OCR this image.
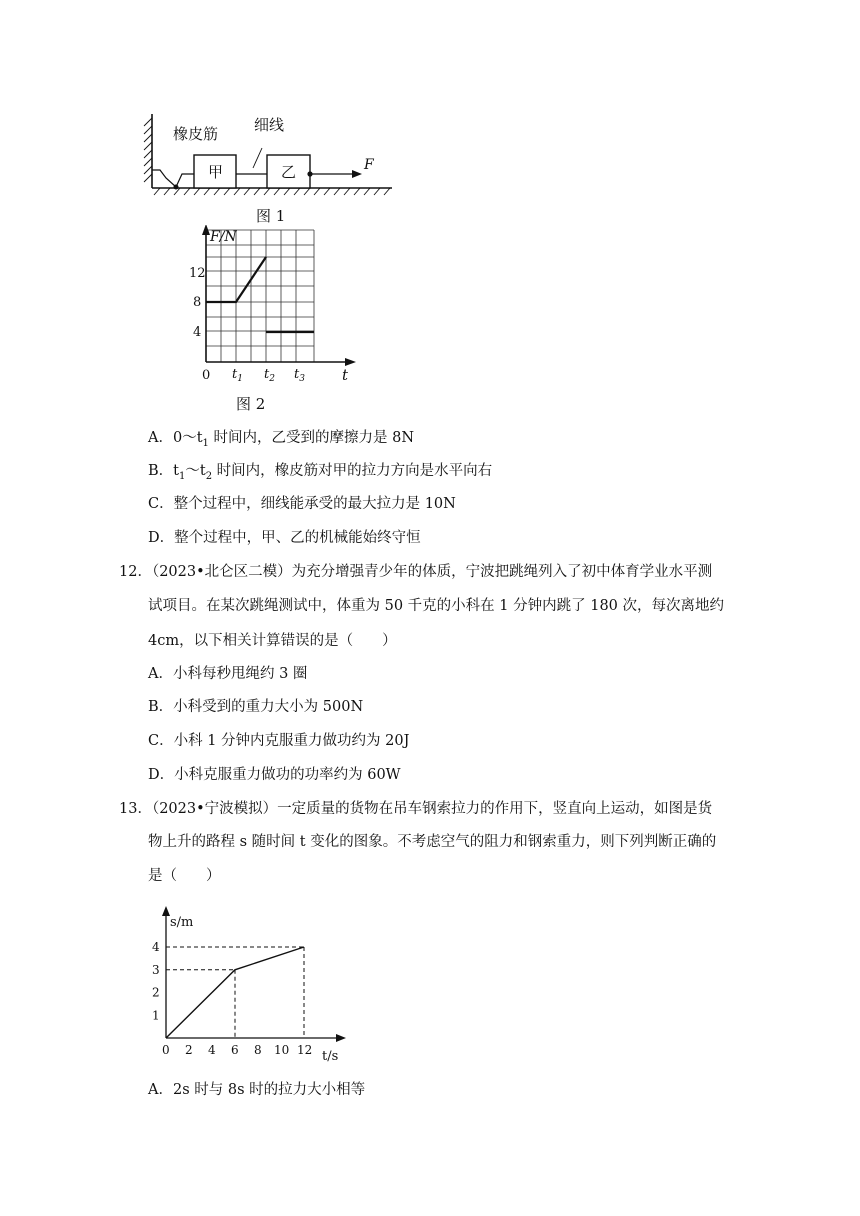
橡皮筋 细线
甲	乙	F
图 1
F/N
12
8
4
0 $t_1$ $t_2$ $t_3$ t
图 2
A．$0\sim t_1$ 时间内，乙受到的摩擦力是 8N
B．$t_1\sim t_2$ 时间内，橡皮筋对甲的拉力方向是水平向右
C．整个过程中，细线能承受的最大拉力是 10N
D．整个过程中，甲、乙的机械能始终守恒
12．（2023•北仑区二模）为充分增强青少年的体质，宁波把跳绳列入了初中体育学业水平测
试项目。在某次跳绳测试中，体重为 50 千克的小科在 1 分钟内跳了 180 次，每次离地约
4cm，以下相关计算错误的是（　　）
A．小科每秒甩绳约 3 圈
B．小科受到的重力大小为 500N
C．小科 1 分钟内克服重力做功约为 20J
D．小科克服重力做功的功率约为 60W
13．（2023•宁波模拟）一定质量的货物在吊车钢索拉力的作用下，竖直向上运动，如图是货
物上升的路程 s 随时间 t 变化的图象。不考虑空气的阻力和钢索重力，则下列判断正确的
是（　　）
0 2 4 6 8 10 12
1
2
3
4
s/m
t/s
A．2s 时与 8s 时的拉力大小相等
